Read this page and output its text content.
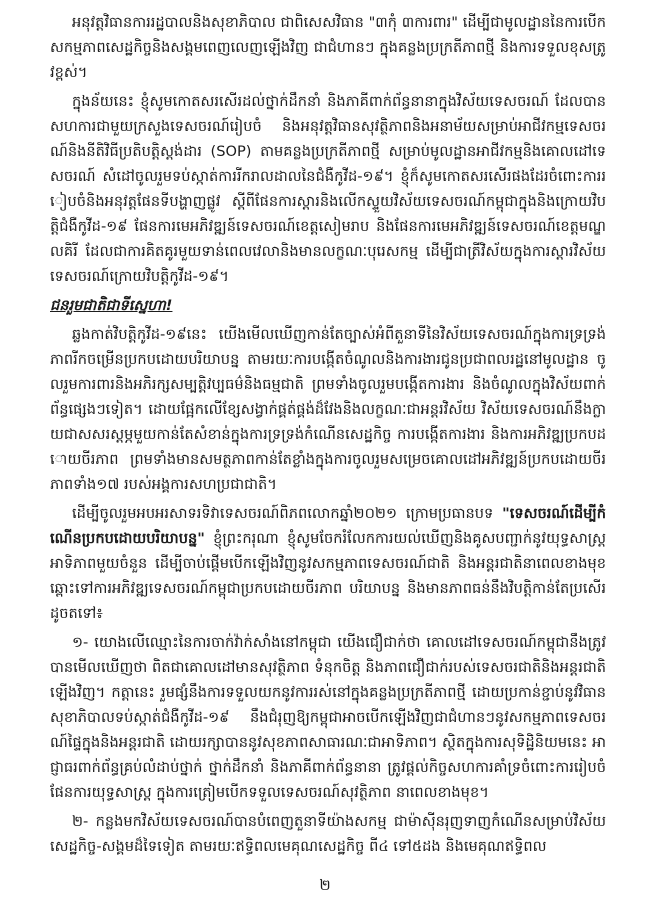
អនុវត្តវិធានការរដ្ឋបាលនិងសុខាភិបាល ជាពិសេសវិធាន "៣កុំ ៣ការពារ" ដើម្បីជាមូលដ្ឋាននៃការបើកសកម្មភាពសេដ្ឋកិច្ចនិងសង្គមពេញលេញឡើងវិញ ជាជំហានៗ ក្នុងគន្លងប្រក្រតីភាពថ្មី និងការទទួលខុសត្រូវខ្ពស់។

ក្នុងន័យនេះ ខ្ញុំសូមកោតសរសើរដល់ថ្នាក់ដឹកនាំ និងភាគីពាក់ព័ន្ធនានាក្នុងវិស័យទេសចរណ៍ ដែលបានសហការជាមួយក្រសួងទេសចរណ៍រៀបចំ និងអនុវត្តវិធានសុវត្ថិភាពនិងអនាម័យសម្រាប់អាជីវកម្មទេសចរណ៍និងនីតិវិធីប្រតិបត្តិស្តង់ដារ (SOP) តាមគន្លងប្រក្រតីភាពថ្មី សម្រាប់មូលដ្ឋានអាជីវកម្មនិងគោលដៅទេសចរណ៍ សំដៅចូលរួមទប់ស្កាត់ការរីករាលដាលនៃជំងឺកូវីដ-១៩។ ខ្ញុំក៏សូមកោតសរសើរផងដែរចំពោះការរៀបចំនិងអនុវត្តផែនទីបង្ហាញផ្លូវ ស្តីពីផែនការស្តារនិងលើកស្ទួយវិស័យទេសចរណ៍កម្ពុជាក្នុងនិងក្រោយវិបត្តិជំងឺកូវីដ-១៩ ផែនការមេអភិវឌ្ឍន៍ទេសចរណ៍ខេត្តសៀមរាប និងផែនការមេអភិវឌ្ឍន៍ទេសចរណ៍ខេត្តមណ្ឌលគិរី ដែលជាការគិតគូរមួយទាន់ពេលវេលានិងមានលក្ខណៈបុរេសកម្ម ដើម្បីជាត្រីវិស័យក្នុងការស្តារវិស័យទេសចរណ៍ក្រោយវិបត្តិកូវីដ-១៩។

ជនរួមជាតិជាទីស្នេហា!

ឆ្លងកាត់វិបត្តិកូវីដ-១៩នេះ យើងមើលឃើញកាន់តែច្បាស់អំពីតួនាទីនៃវិស័យទេសចរណ៍ក្នុងការទ្រទ្រង់ភាពរីកចម្រើនប្រកបដោយបរិយាបន្ន តាមរយៈការបង្កើតចំណូលនិងការងារជូនប្រជាពលរដ្ឋនៅមូលដ្ឋាន ចូលរួមការពារនិងអភិរក្សសម្បត្តិវប្បធម៌និងធម្មជាតិ ព្រមទាំងចូលរួមបង្កើតការងារ និងចំណូលក្នុងវិស័យពាក់ព័ន្ធផ្សេងៗទៀត។ ដោយផ្អែកលើខ្សែសង្វាក់ផ្គត់ផ្គង់ដ៏វែងនិងលក្ខណៈជាអន្តរវិស័យ វិស័យទេសចរណ៍នឹងក្លាយជាសសរស្តម្ភមួយកាន់តែសំខាន់ក្នុងការទ្រទ្រង់កំណើនសេដ្ឋកិច្ច ការបង្កើតការងារ និងការអភិវឌ្ឍប្រកបដោយចីរភាព ព្រមទាំងមានសមត្ថភាពកាន់តែខ្លាំងក្នុងការចូលរួមសម្រេចគោលដៅអភិវឌ្ឍន៍ប្រកបដោយចីរភាពទាំង១៧ របស់អង្គការសហប្រជាជាតិ។

ដើម្បីចូលរួមអបអរសាទរទិវាទេសចរណ៍ពិភពលោកឆ្នាំ២០២១ ក្រោមប្រធានបទ "ទេសចរណ៍ដើម្បីកំណើនប្រកបដោយបរិយាបន្ន" ខ្ញុំព្រះករុណា ខ្ញុំសូមចែករំលែកការយល់ឃើញនិងគូសបញ្ជាក់នូវយុទ្ធសាស្ត្រអាទិភាពមួយចំនួន ដើម្បីចាប់ផ្តើមបើកឡើងវិញនូវសកម្មភាពទេសចរណ៍ជាតិ និងអន្តរជាតិនាពេលខាងមុខ ឆ្ពោះទៅការអភិវឌ្ឍទេសចរណ៍កម្ពុជាប្រកបដោយចីរភាព បរិយាបន្ន និងមានភាពធន់នឹងវិបត្តិកាន់តែប្រសើរដូចតទៅ៖

១- យោងលើឈ្មោះនៃការចាក់វ៉ាក់សាំងនៅកម្ពុជា យើងជឿជាក់ថា គោលដៅទេសចរណ៍កម្ពុជានឹងត្រូវបានមើលឃើញថា ពិតជាគោលដៅមានសុវត្ថិភាព ទំនុកចិត្ត និងភាពជឿជាក់របស់ទេសចរជាតិនិងអន្តរជាតិឡើងវិញ។ កត្តានេះ រួមផ្សំនឹងការទទួលយកនូវការរស់នៅក្នុងគន្លងប្រក្រតីភាពថ្មី ដោយប្រកាន់ខ្ជាប់នូវវិធានសុខាភិបាលទប់ស្កាត់ជំងឺកូវីដ-១៩ នឹងជំរុញឱ្យកម្ពុជាអាចបើកឡើងវិញជាជំហានៗនូវសកម្មភាពទេសចរណ៍ផ្ទៃក្នុងនិងអន្តរជាតិ ដោយរក្សាបាននូវសុខភាពសាធារណៈជាអាទិភាព។ ស្ថិតក្នុងការសុទិដ្ឋិនិយមនេះ អាជ្ញាធរពាក់ព័ន្ធគ្រប់លំដាប់ថ្នាក់ ថ្នាក់ដឹកនាំ និងភាគីពាក់ព័ន្ធនានា ត្រូវផ្តល់កិច្ចសហការគាំទ្រចំពោះការរៀបចំផែនការយុទ្ធសាស្ត្រ ក្នុងការត្រៀមបើកទទួលទេសចរណ៍សុវត្ថិភាព នាពេលខាងមុខ។

២- កន្លងមកវិស័យទេសចរណ៍បានបំពេញតួនាទីយ៉ាងសកម្ម ជាម៉ាស៊ីនរុញទាញកំណើនសម្រាប់វិស័យសេដ្ឋកិច្ច-សង្គមដ៏ទៃទៀត តាមរយៈឥទ្ធិពលមេគុណសេដ្ឋកិច្ច ពី៤ ទៅ៥ដង និងមេគុណឥទ្ធិពល

២
